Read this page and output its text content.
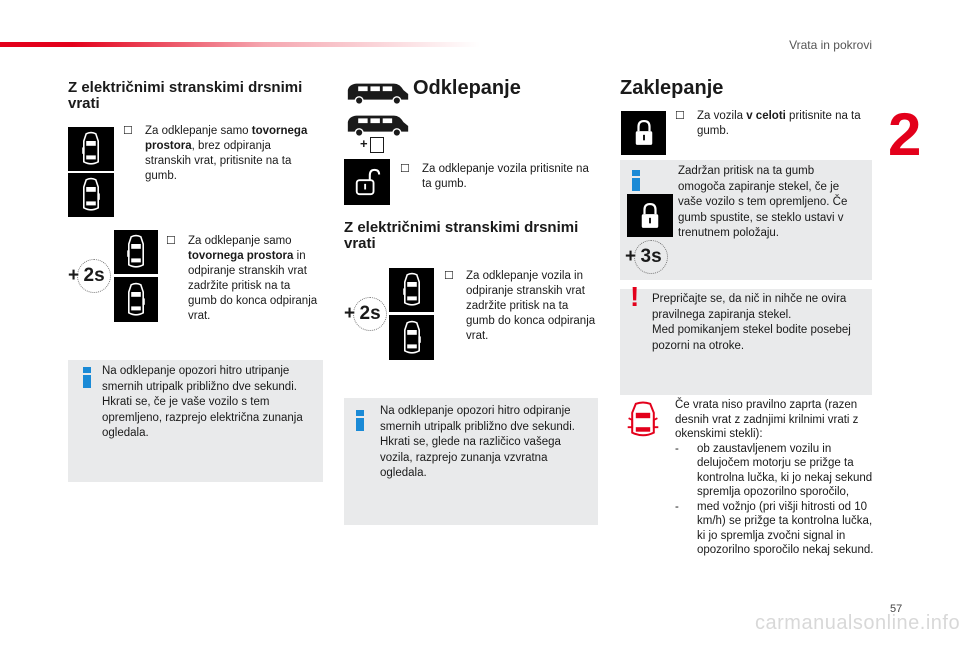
Vrata in pokrovi
2
Z električnimi stranskimi drsnimi vrati
☐ Za odklepanje samo tovornega prostora, brez odpiranja stranskih vrat, pritisnite na ta gumb.
+ 2s
☐ Za odklepanje samo tovornega prostora in odpiranje stranskih vrat zadržite pritisk na ta gumb do konca odpiranja vrat.
Na odklepanje opozori hitro utripanje smernih utripalk približno dve sekundi. Hkrati se, če je vaše vozilo s tem opremljeno, razprejo električna zunanja ogledala.
Odklepanje
+
☐ Za odklepanje vozila pritisnite na ta gumb.
Z električnimi stranskimi drsnimi vrati
+ 2s
☐ Za odklepanje vozila in odpiranje stranskih vrat zadržite pritisk na ta gumb do konca odpiranja vrat.
Na odklepanje opozori hitro odpiranje smernih utripalk približno dve sekundi. Hkrati se, glede na različico vašega vozila, razprejo zunanja vzvratna ogledala.
Zaklepanje
☐ Za vozila v celoti pritisnite na ta gumb.
Zadržan pritisk na ta gumb omogoča zapiranje stekel, če je vaše vozilo s tem opremljeno. Če gumb spustite, se steklo ustavi v trenutnem položaju.
+ 3s
! Prepričajte se, da nič in nihče ne ovira pravilnega zapiranja stekel.
Med pomikanjem stekel bodite posebej pozorni na otroke.
Če vrata niso pravilno zaprta (razen desnih vrat z zadnjimi krilnimi vrati z okenskimi stekli):
- ob zaustavljenem vozilu in delujočem motorju se prižge ta kontrolna lučka, ki jo nekaj sekund spremlja opozorilno sporočilo,
- med vožnjo (pri višji hitrosti od 10 km/h) se prižge ta kontrolna lučka, ki jo spremlja zvočni signal in opozorilno sporočilo nekaj sekund.
57
carmanualsonline.info
